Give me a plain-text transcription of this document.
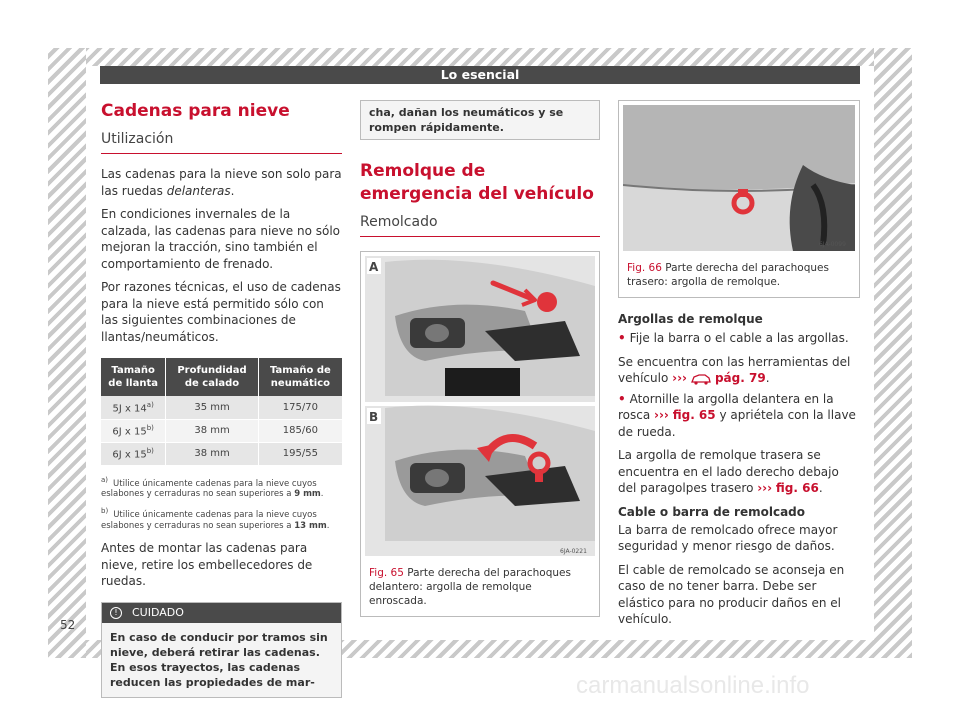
Lo esencial
Cadenas para nieve
Utilización
Las cadenas para la nieve son solo para las ruedas delanteras.
En condiciones invernales de la calzada, las cadenas para nieve no sólo mejoran la tracción, sino también el comportamiento de frenado.
Por razones técnicas, el uso de cadenas para la nieve está permitido sólo con las siguientes combinaciones de llantas/neumáticos.
Tamaño de llanta	Profundidad de calado	Tamaño de neumático
5J x 14$^{a)}$	35 mm	175/70
6J x 15$^{b)}$	38 mm	185/60
6J x 15$^{b)}$	38 mm	195/55
$^{a)}$ Utilice únicamente cadenas para la nieve cuyos eslabones y cerraduras no sean superiores a 9 mm.
$^{b)}$ Utilice únicamente cadenas para la nieve cuyos eslabones y cerraduras no sean superiores a 13 mm.
Antes de montar las cadenas para nieve, retire los embellecedores de ruedas.
!	CUIDADO
En caso de conducir por tramos sin nieve, deberá retirar las cadenas. En esos trayectos, las cadenas reducen las propiedades de mar-
cha, dañan los neumáticos y se rompen rápidamente.
Remolque de emergencia del vehículo
Remolcado
A
B
6JA-0221
Fig. 65 Parte derecha del parachoques delantero: argolla de remolque enroscada.
6JA-0099
Fig. 66 Parte derecha del parachoques trasero: argolla de remolque.
Argollas de remolque
• Fije la barra o el cable a las argollas.
Se encuentra con las herramientas del vehículo ››› pág. 79.
• Atornille la argolla delantera en la rosca ››› fig. 65 y apriétela con la llave de rueda.
La argolla de remolque trasera se encuentra en el lado derecho debajo del paragolpes trasero ››› fig. 66.
Cable o barra de remolcado
La barra de remolcado ofrece mayor seguridad y menor riesgo de daños.
El cable de remolcado se aconseja en caso de no tener barra. Debe ser elástico para no producir daños en el vehículo.
52
carmanualsonline.info
